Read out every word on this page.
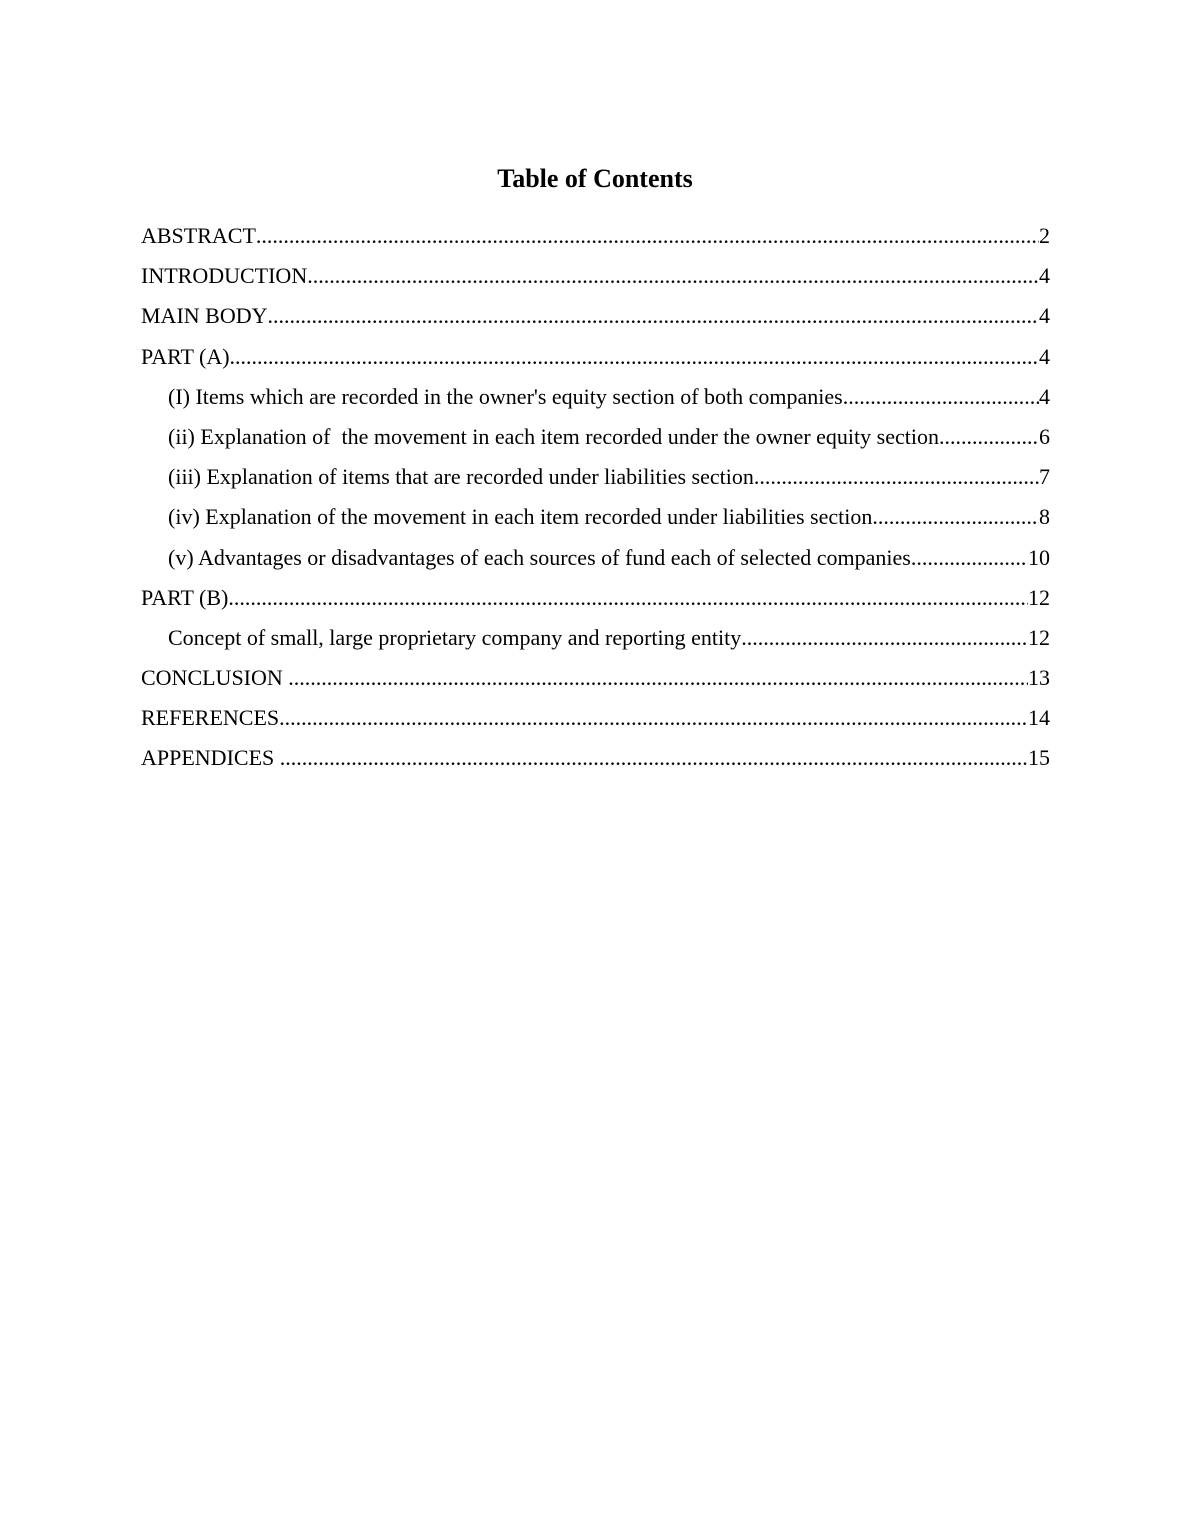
Table of Contents
ABSTRACT .....	2
INTRODUCTION .....	4
MAIN BODY .....	4
PART (A) .....	4
(I) Items which are recorded in the owner's equity section of both companies .....	4
(ii) Explanation of  the movement in each item recorded under the owner equity section .....	6
(iii) Explanation of items that are recorded under liabilities section .....	7
(iv) Explanation of the movement in each item recorded under liabilities section .....	8
(v) Advantages or disadvantages of each sources of fund each of selected companies .....	10
PART (B) .....	12
Concept of small, large proprietary company and reporting entity .....	12
CONCLUSION .....	13
REFERENCES .....	14
APPENDICES .....	15
